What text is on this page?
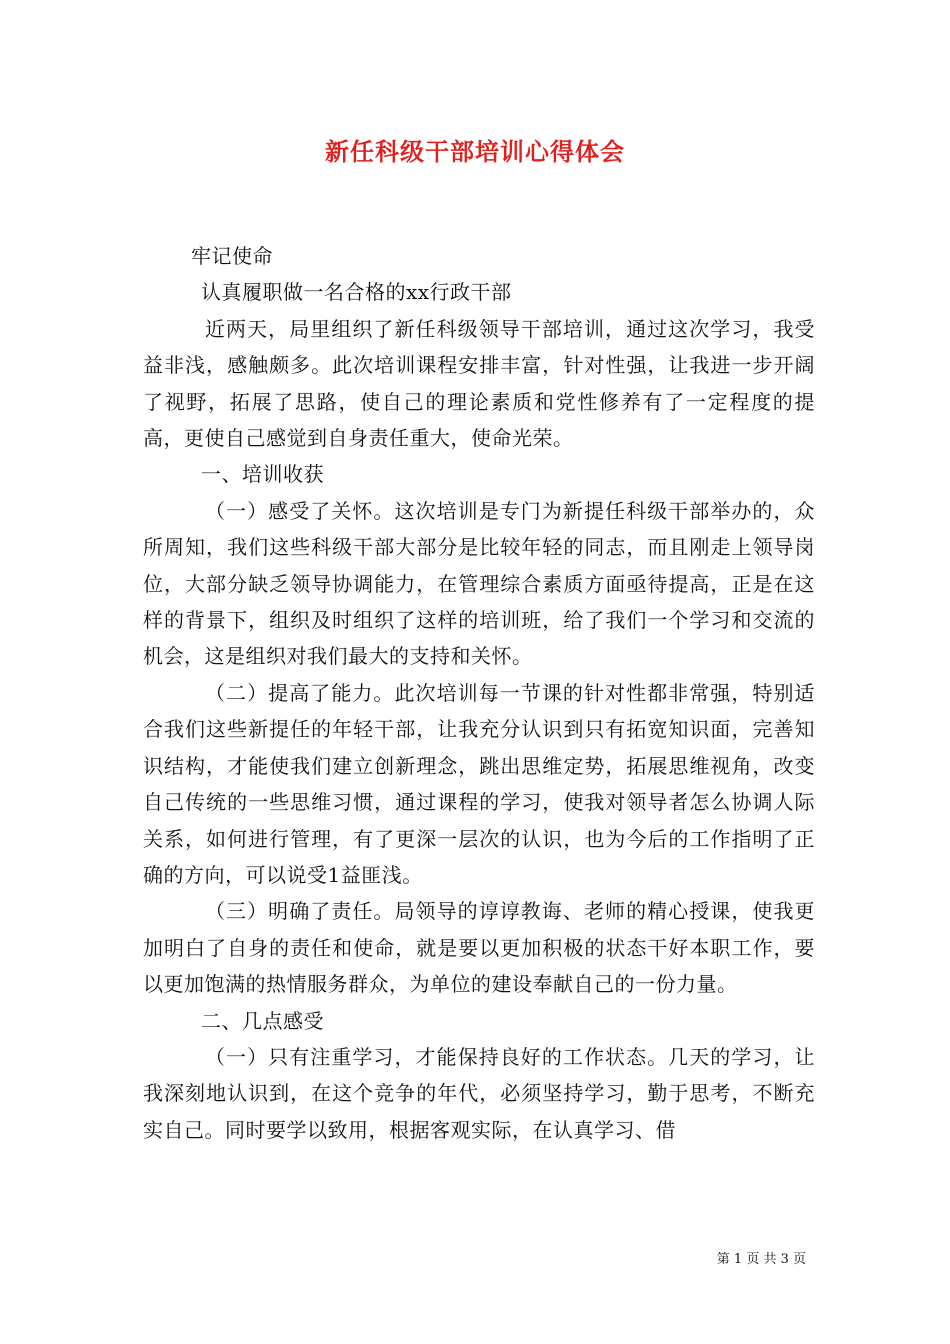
新任科级干部培训心得体会

牢记使命

认真履职做一名合格的xx行政干部

近两天，局里组织了新任科级领导干部培训，通过这次学习，我受益非浅，感触颇多。此次培训课程安排丰富，针对性强，让我进一步开阔了视野，拓展了思路，使自己的理论素质和党性修养有了一定程度的提高，更使自己感觉到自身责任重大，使命光荣。

一、培训收获

（一）感受了关怀。这次培训是专门为新提任科级干部举办的，众所周知，我们这些科级干部大部分是比较年轻的同志，而且刚走上领导岗位，大部分缺乏领导协调能力，在管理综合素质方面亟待提高，正是在这样的背景下，组织及时组织了这样的培训班，给了我们一个学习和交流的机会，这是组织对我们最大的支持和关怀。

（二）提高了能力。此次培训每一节课的针对性都非常强，特别适合我们这些新提任的年轻干部，让我充分认识到只有拓宽知识面，完善知识结构，才能使我们建立创新理念，跳出思维定势，拓展思维视角，改变自己传统的一些思维习惯，通过课程的学习，使我对领导者怎么协调人际关系，如何进行管理，有了更深一层次的认识，也为今后的工作指明了正确的方向，可以说受1益匪浅。

（三）明确了责任。局领导的谆谆教诲、老师的精心授课，使我更加明白了自身的责任和使命，就是要以更加积极的状态干好本职工作，要以更加饱满的热情服务群众，为单位的建设奉献自己的一份力量。

二、几点感受

（一）只有注重学习，才能保持良好的工作状态。几天的学习，让我深刻地认识到，在这个竞争的年代，必须坚持学习，勤于思考，不断充实自己。同时要学以致用，根据客观实际，在认真学习、借

第 1 页 共 3 页
